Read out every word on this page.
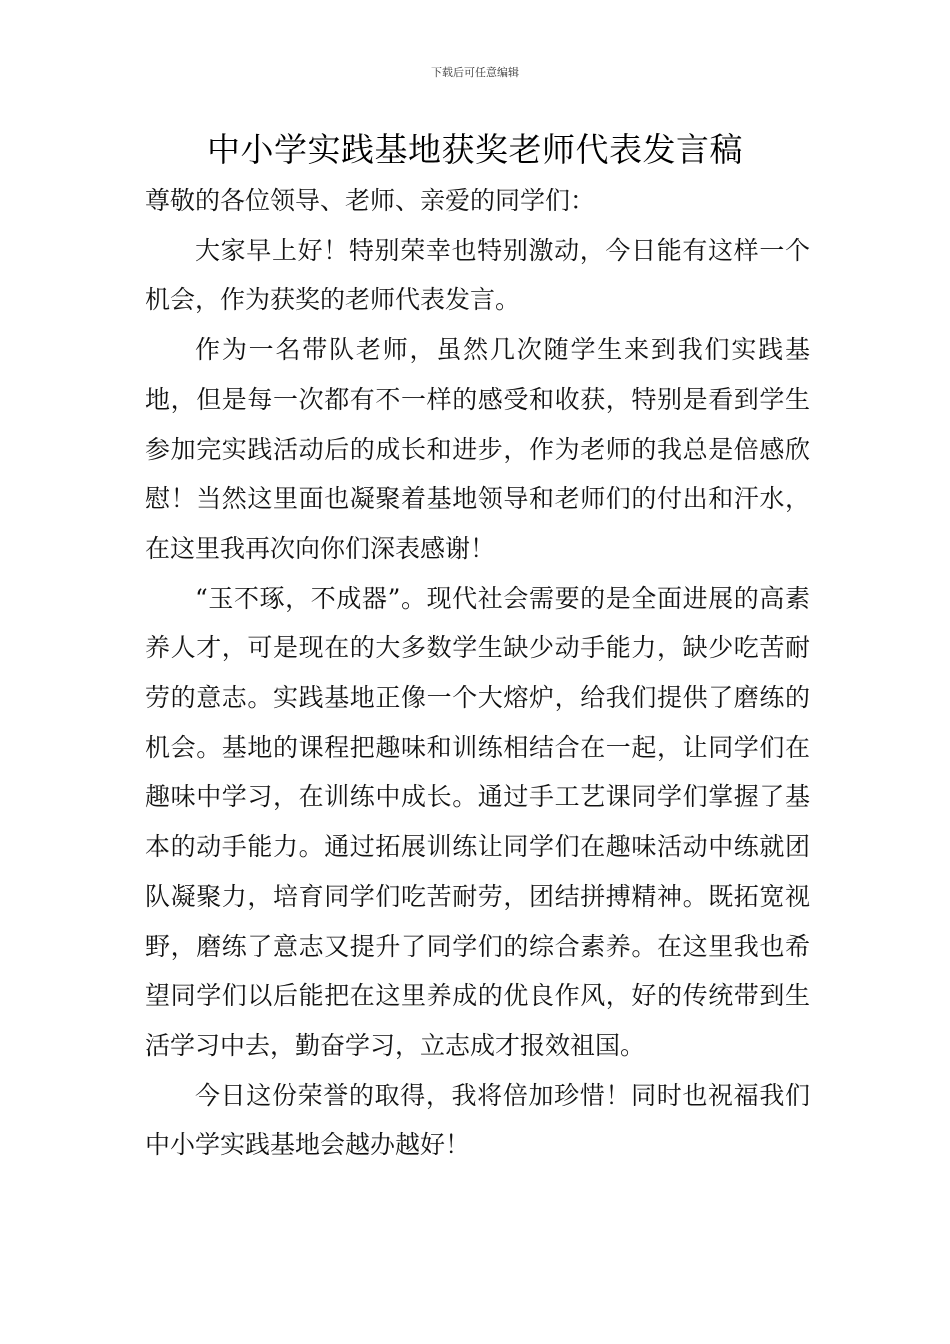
下载后可任意编辑
中小学实践基地获奖老师代表发言稿

尊敬的各位领导、老师、亲爱的同学们：

大家早上好！特别荣幸也特别激动，今日能有这样一个机会，作为获奖的老师代表发言。

作为一名带队老师，虽然几次随学生来到我们实践基地，但是每一次都有不一样的感受和收获，特别是看到学生参加完实践活动后的成长和进步，作为老师的我总是倍感欣慰！当然这里面也凝聚着基地领导和老师们的付出和汗水，在这里我再次向你们深表感谢！

“玉不琢，不成器”。现代社会需要的是全面进展的高素养人才，可是现在的大多数学生缺少动手能力，缺少吃苦耐劳的意志。实践基地正像一个大熔炉，给我们提供了磨练的机会。基地的课程把趣味和训练相结合在一起，让同学们在趣味中学习，在训练中成长。通过手工艺课同学们掌握了基本的动手能力。通过拓展训练让同学们在趣味活动中练就团队凝聚力，培育同学们吃苦耐劳，团结拼搏精神。既拓宽视野，磨练了意志又提升了同学们的综合素养。在这里我也希望同学们以后能把在这里养成的优良作风，好的传统带到生活学习中去，勤奋学习，立志成才报效祖国。

今日这份荣誉的取得，我将倍加珍惜！同时也祝福我们中小学实践基地会越办越好！
